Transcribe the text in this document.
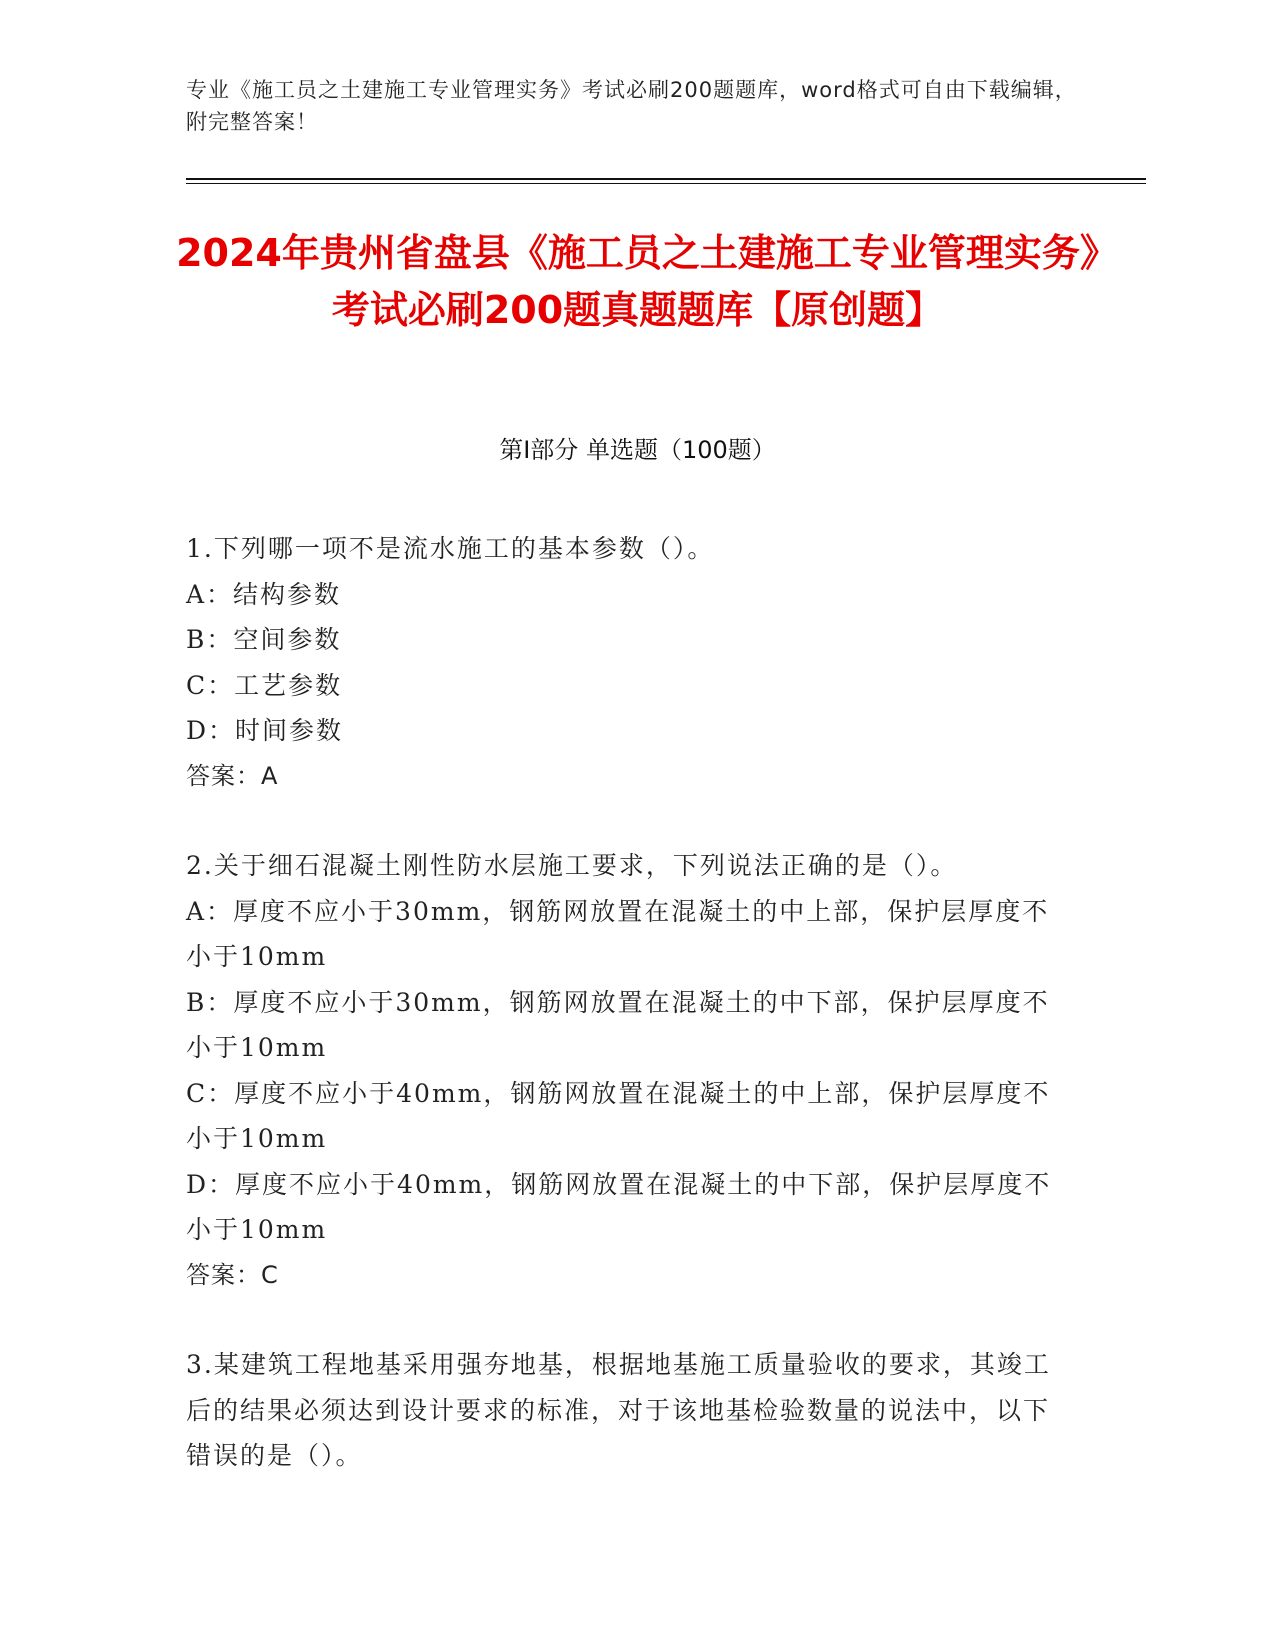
专业《施工员之土建施工专业管理实务》考试必刷200题题库，word格式可自由下载编辑，附完整答案！
2024年贵州省盘县《施工员之土建施工专业管理实务》考试必刷200题真题题库【原创题】
第I部分 单选题（100题）
1.下列哪一项不是流水施工的基本参数（）。
A：结构参数
B：空间参数
C：工艺参数
D：时间参数
答案：A
2.关于细石混凝土刚性防水层施工要求，下列说法正确的是（）。
A：厚度不应小于30mm，钢筋网放置在混凝土的中上部，保护层厚度不小于10mm
B：厚度不应小于30mm，钢筋网放置在混凝土的中下部，保护层厚度不小于10mm
C：厚度不应小于40mm，钢筋网放置在混凝土的中上部，保护层厚度不小于10mm
D：厚度不应小于40mm，钢筋网放置在混凝土的中下部，保护层厚度不小于10mm
答案：C
3.某建筑工程地基采用强夯地基，根据地基施工质量验收的要求，其竣工后的结果必须达到设计要求的标准，对于该地基检验数量的说法中，以下错误的是（）。
